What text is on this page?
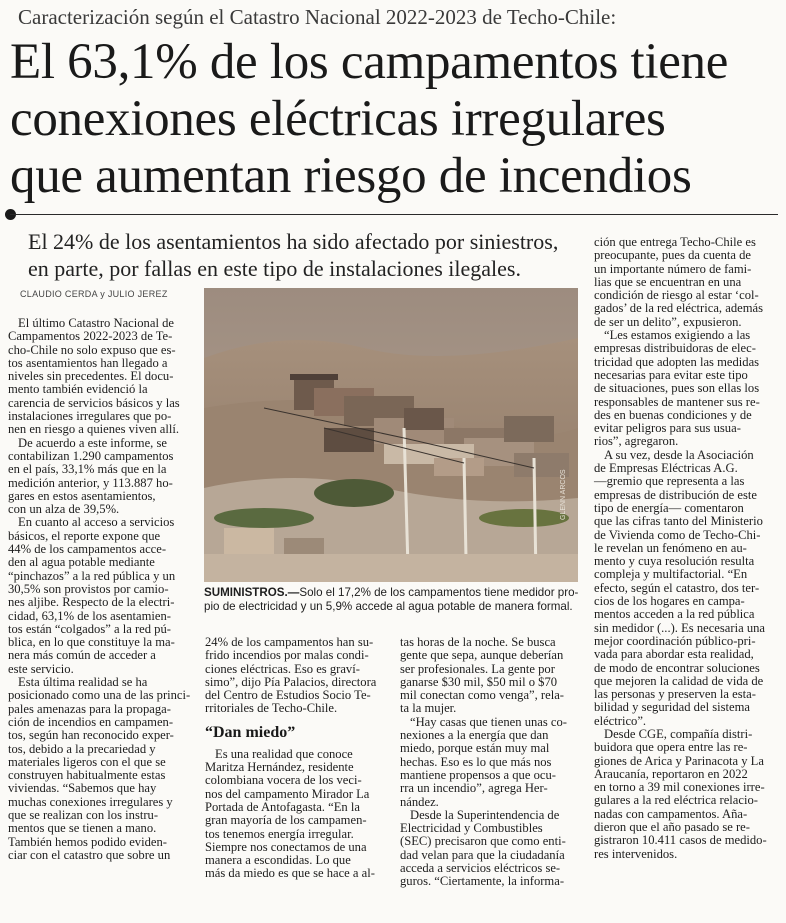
Caracterización según el Catastro Nacional 2022-2023 de Techo-Chile:
El 63,1% de los campamentos tiene
conexiones eléctricas irregulares
que aumentan riesgo de incendios
El 24% de los asentamientos ha sido afectado por siniestros,
en parte, por fallas en este tipo de instalaciones ilegales.
CLAUDIO CERDA y JULIO JEREZ
GLENN ARCOS
SUMINISTROS.—Solo el 17,2% de los campamentos tiene medidor pro-
pio de electricidad y un 5,9% accede al agua potable de manera formal.
El último Catastro Nacional de
Campamentos 2022-2023 de Te-
cho-Chile no solo expuso que es-
tos asentamientos han llegado a
niveles sin precedentes. El docu-
mento también evidenció la
carencia de servicios básicos y las
instalaciones irregulares que po-
nen en riesgo a quienes viven allí.
De acuerdo a este informe, se
contabilizan 1.290 campamentos
en el país, 33,1% más que en la
medición anterior, y 113.887 ho-
gares en estos asentamientos,
con un alza de 39,5%.
En cuanto al acceso a servicios
básicos, el reporte expone que
44% de los campamentos acce-
den al agua potable mediante
“pinchazos” a la red pública y un
30,5% son provistos por camio-
nes aljibe. Respecto de la electri-
cidad, 63,1% de los asentamien-
tos están “colgados” a la red pú-
blica, en lo que constituye la ma-
nera más común de acceder a
este servicio.
Esta última realidad se ha
posicionado como una de las princi-
pales amenazas para la propaga-
ción de incendios en campamen-
tos, según han reconocido exper-
tos, debido a la precariedad y
materiales ligeros con el que se
construyen habitualmente estas
viviendas. “Sabemos que hay
muchas conexiones irregulares y
que se realizan con los instru-
mentos que se tienen a mano.
También hemos podido eviden-
ciar con el catastro que sobre un
24% de los campamentos han su-
frido incendios por malas condi-
ciones eléctricas. Eso es graví-
simo”, dijo Pía Palacios, directora
del Centro de Estudios Socio Te-
rritoriales de Techo-Chile.
“Dan miedo”
Es una realidad que conoce
Maritza Hernández, residente
colombiana vocera de los veci-
nos del campamento Mirador La
Portada de Antofagasta. “En la
gran mayoría de los campamen-
tos tenemos energía irregular.
Siempre nos conectamos de una
manera a escondidas. Lo que
más da miedo es que se hace a al-
tas horas de la noche. Se busca
gente que sepa, aunque deberían
ser profesionales. La gente por
ganarse $30 mil, $50 mil o $70
mil conectan como venga”, rela-
ta la mujer.
“Hay casas que tienen unas co-
nexiones a la energía que dan
miedo, porque están muy mal
hechas. Eso es lo que más nos
mantiene propensos a que ocu-
rra un incendio”, agrega Her-
nández.
Desde la Superintendencia de
Electricidad y Combustibles
(SEC) precisaron que como enti-
dad velan para que la ciudadanía
acceda a servicios eléctricos se-
guros. “Ciertamente, la informa-
ción que entrega Techo-Chile es
preocupante, pues da cuenta de
un importante número de fami-
lias que se encuentran en una
condición de riesgo al estar ‘col-
gados’ de la red eléctrica, además
de ser un delito”, expusieron.
“Les estamos exigiendo a las
empresas distribuidoras de elec-
tricidad que adopten las medidas
necesarias para evitar este tipo
de situaciones, pues son ellas los
responsables de mantener sus re-
des en buenas condiciones y de
evitar peligros para sus usua-
rios”, agregaron.
A su vez, desde la Asociación
de Empresas Eléctricas A.G.
—gremio que representa a las
empresas de distribución de este
tipo de energía— comentaron
que las cifras tanto del Ministerio
de Vivienda como de Techo-Chi-
le revelan un fenómeno en au-
mento y cuya resolución resulta
compleja y multifactorial. “En
efecto, según el catastro, dos ter-
cios de los hogares en campa-
mentos acceden a la red pública
sin medidor (...). Es necesaria una
mejor coordinación público-pri-
vada para abordar esta realidad,
de modo de encontrar soluciones
que mejoren la calidad de vida de
las personas y preserven la esta-
bilidad y seguridad del sistema
eléctrico”.
Desde CGE, compañía distri-
buidora que opera entre las re-
giones de Arica y Parinacota y La
Araucanía, reportaron en 2022
en torno a 39 mil conexiones irre-
gulares a la red eléctrica relacio-
nadas con campamentos. Aña-
dieron que el año pasado se re-
gistraron 10.411 casos de medido-
res intervenidos.
